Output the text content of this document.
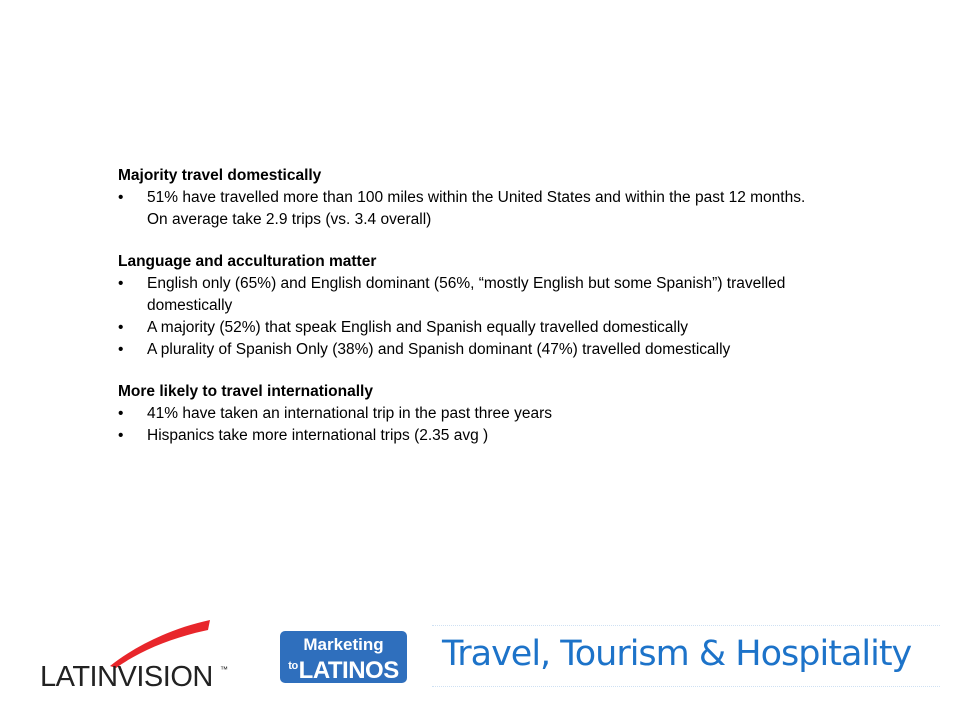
Majority travel domestically
• 51% have travelled more than 100 miles within the United States and within the past 12 months. On average take 2.9 trips (vs. 3.4 overall)
Language and acculturation matter
• English only (65%) and English dominant (56%, “mostly English but some Spanish”) travelled domestically
• A majority (52%) that speak English and Spanish equally travelled domestically
• A plurality of Spanish Only (38%) and Spanish dominant (47%) travelled domestically
More likely to travel internationally
• 41% have taken an international trip in the past three years
• Hispanics take more international trips (2.35 avg )
LATINVISION ™
Marketing
$^{to}$LATINOS Travel, Tourism & Hospitality
